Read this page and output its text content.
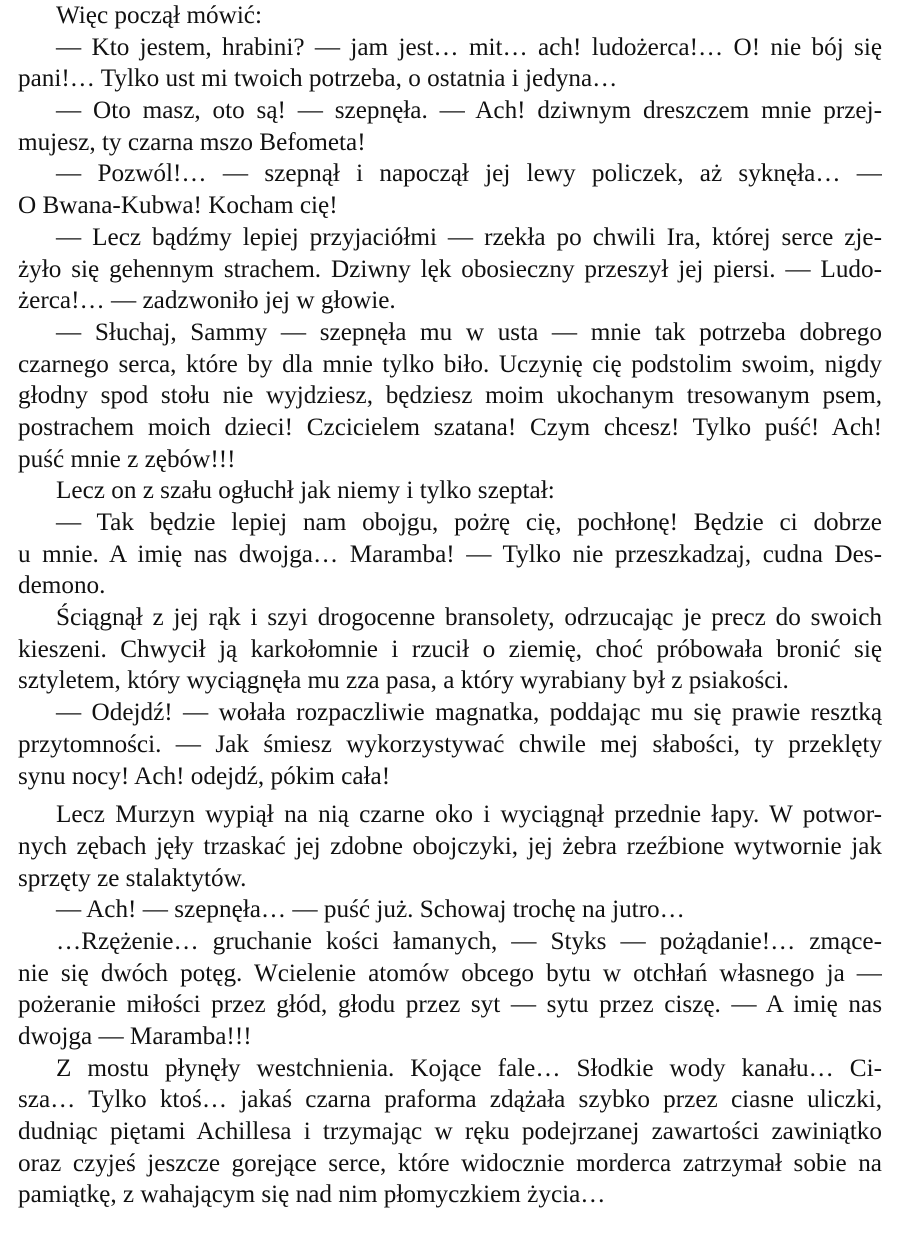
Więc począł mówić:
— Kto jestem, hrabini? — jam jest… mit… ach! ludożerca!… O! nie bój się
pani!… Tylko ust mi twoich potrzeba, o ostatnia i jedyna…
— Oto masz, oto są! — szepnęła. — Ach! dziwnym dreszczem mnie przej-
mujesz, ty czarna mszo Befometa!
— Pozwól!… — szepnął i napoczął jej lewy policzek, aż syknęła… —
O Bwana-Kubwa! Kocham cię!
— Lecz bądźmy lepiej przyjaciółmi — rzekła po chwili Ira, której serce zje-
żyło się gehennym strachem. Dziwny lęk obosieczny przeszył jej piersi. — Ludo-
żerca!… — zadzwoniło jej w głowie.
— Słuchaj, Sammy — szepnęła mu w usta — mnie tak potrzeba dobrego
czarnego serca, które by dla mnie tylko biło. Uczynię cię podstolim swoim, nigdy
głodny spod stołu nie wyjdziesz, będziesz moim ukochanym tresowanym psem,
postrachem moich dzieci! Czcicielem szatana! Czym chcesz! Tylko puść! Ach!
puść mnie z zębów!!!
Lecz on z szału ogłuchł jak niemy i tylko szeptał:
— Tak będzie lepiej nam obojgu, pożrę cię, pochłonę! Będzie ci dobrze
u mnie. A imię nas dwojga… Maramba! — Tylko nie przeszkadzaj, cudna Des-
demono.
Ściągnął z jej rąk i szyi drogocenne bransolety, odrzucając je precz do swoich
kieszeni. Chwycił ją karkołomnie i rzucił o ziemię, choć próbowała bronić się
sztyletem, który wyciągnęła mu zza pasa, a który wyrabiany był z psiakości.
— Odejdź! — wołała rozpaczliwie magnatka, poddając mu się prawie resztką
przytomności. — Jak śmiesz wykorzystywać chwile mej słabości, ty przeklęty
synu nocy! Ach! odejdź, pókim cała!
Lecz Murzyn wypiął na nią czarne oko i wyciągnął przednie łapy. W potwor-
nych zębach jęły trzaskać jej zdobne obojczyki, jej żebra rzeźbione wytwornie jak
sprzęty ze stalaktytów.
— Ach! — szepnęła… — puść już. Schowaj trochę na jutro…
…Rzężenie… gruchanie kości łamanych, — Styks — pożądanie!… zmące-
nie się dwóch potęg. Wcielenie atomów obcego bytu w otchłań własnego ja —
pożeranie miłości przez głód, głodu przez syt — sytu przez ciszę. — A imię nas
dwojga — Maramba!!!
Z mostu płynęły westchnienia. Kojące fale… Słodkie wody kanału… Ci-
sza… Tylko ktoś… jakaś czarna praforma zdążała szybko przez ciasne uliczki,
dudniąc piętami Achillesa i trzymając w ręku podejrzanej zawartości zawiniątko
oraz czyjeś jeszcze gorejące serce, które widocznie morderca zatrzymał sobie na
pamiątkę, z wahającym się nad nim płomyczkiem życia…
